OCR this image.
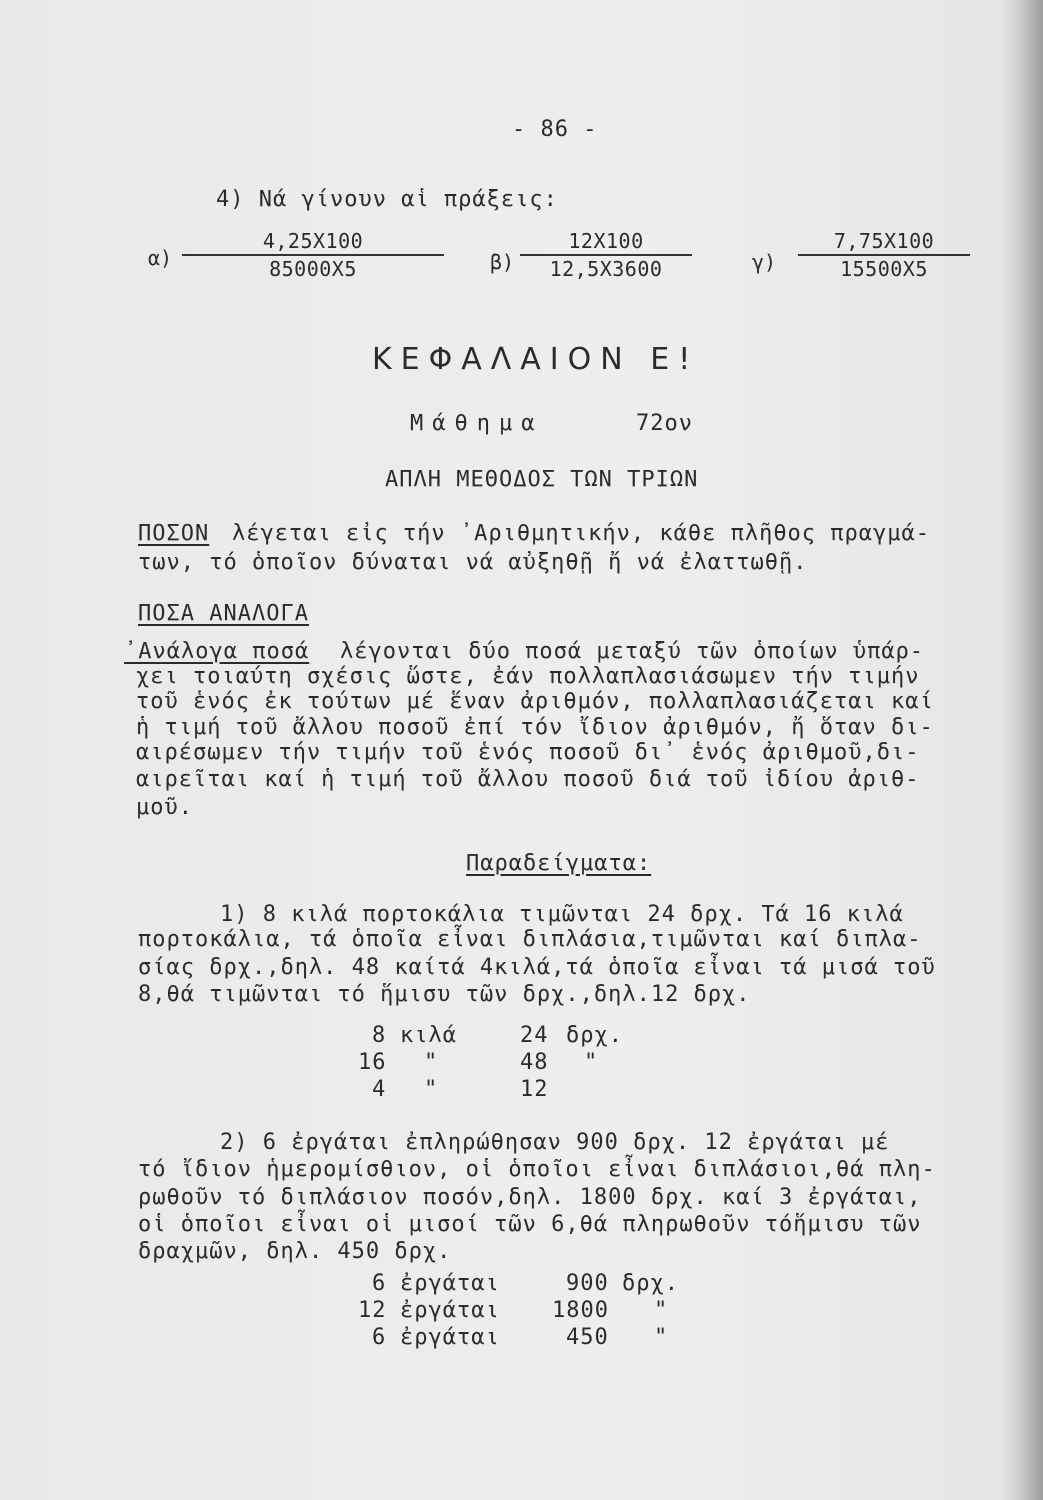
- 86 -
4) Νά γίνουν αἱ πράξεις:
$\alpha) \frac{4,25X100}{85000X5} \beta) \frac{12X100}{12,5X3600}$	$\gamma) \frac{7,75X100}{15500X5}$
ΚΕΦΑΛΑΙΟΝ Ε!
Μάθημα	72ον
ΑΠΛΗ ΜΕΘΟΔΟΣ ΤΩΝ ΤΡΙΩΝ
ΠΟΣΟΝ λέγεται εἰς τήν ᾽Αριθμητικήν, κάθε πλῆθος πραγμά-
των, τό ὁποῖον δύναται νά αὐξηθῇ ἤ νά ἐλαττωθῇ.
ΠΟΣΑ ΑΝΑΛΟΓΑ
᾽Ανάλογα ποσά λέγονται δύο ποσά μεταξύ τῶν ὁποίων ὑπάρ-
χει τοιαύτη σχέσις ὥστε, ἐάν πολλαπλασιάσωμεν τήν τιμήν
τοῦ ἑνός ἐκ τούτων μέ ἕναν ἀριθμόν, πολλαπλασιάζεται καί
ἡ τιμή τοῦ ἄλλου ποσοῦ ἐπί τόν ἴδιον ἀριθμόν, ἤ ὅταν δι-
αιρέσωμεν τήν τιμήν τοῦ ἑνός ποσοῦ δι᾽ ἑνός ἀριθμοῦ,δι-
αιρεῖται καί ἡ τιμή τοῦ ἄλλου ποσοῦ διά τοῦ ἰδίου ἀριθ-
μοῦ.
Παραδείγματα:
1) 8 κιλά πορτοκάλια τιμῶνται 24 δρχ. Τά 16 κιλά
πορτοκάλια, τά ὁποῖα εἶναι διπλάσια,τιμῶνται καί διπλα-
σίας δρχ.,δηλ. 48 καίτά 4κιλά,τά ὁποῖα εἶναι τά μισά τοῦ
8,θά τιμῶνται τό ἥμισυ τῶν δρχ.,δηλ.12 δρχ.
8 κιλά	24 δρχ.
16 "	48 "
4 "	12
2) 6 ἐργάται ἐπληρώθησαν 900 δρχ. 12 ἐργάται μέ
τό ἴδιον ἡμερομίσθιον, οἱ ὁποῖοι εἶναι διπλάσιοι,θά πλη-
ρωθοῦν τό διπλάσιον ποσόν,δηλ. 1800 δρχ. καί 3 ἐργάται,
οἱ ὁποῖοι εἶναι οἱ μισοί τῶν 6,θά πληρωθοῦν τόἥμισυ τῶν
δραχμῶν, δηλ. 450 δρχ.
6 ἐργάται	900 δρχ.
12 ἐργάται 1800 "
6 ἐργάται	450 "
